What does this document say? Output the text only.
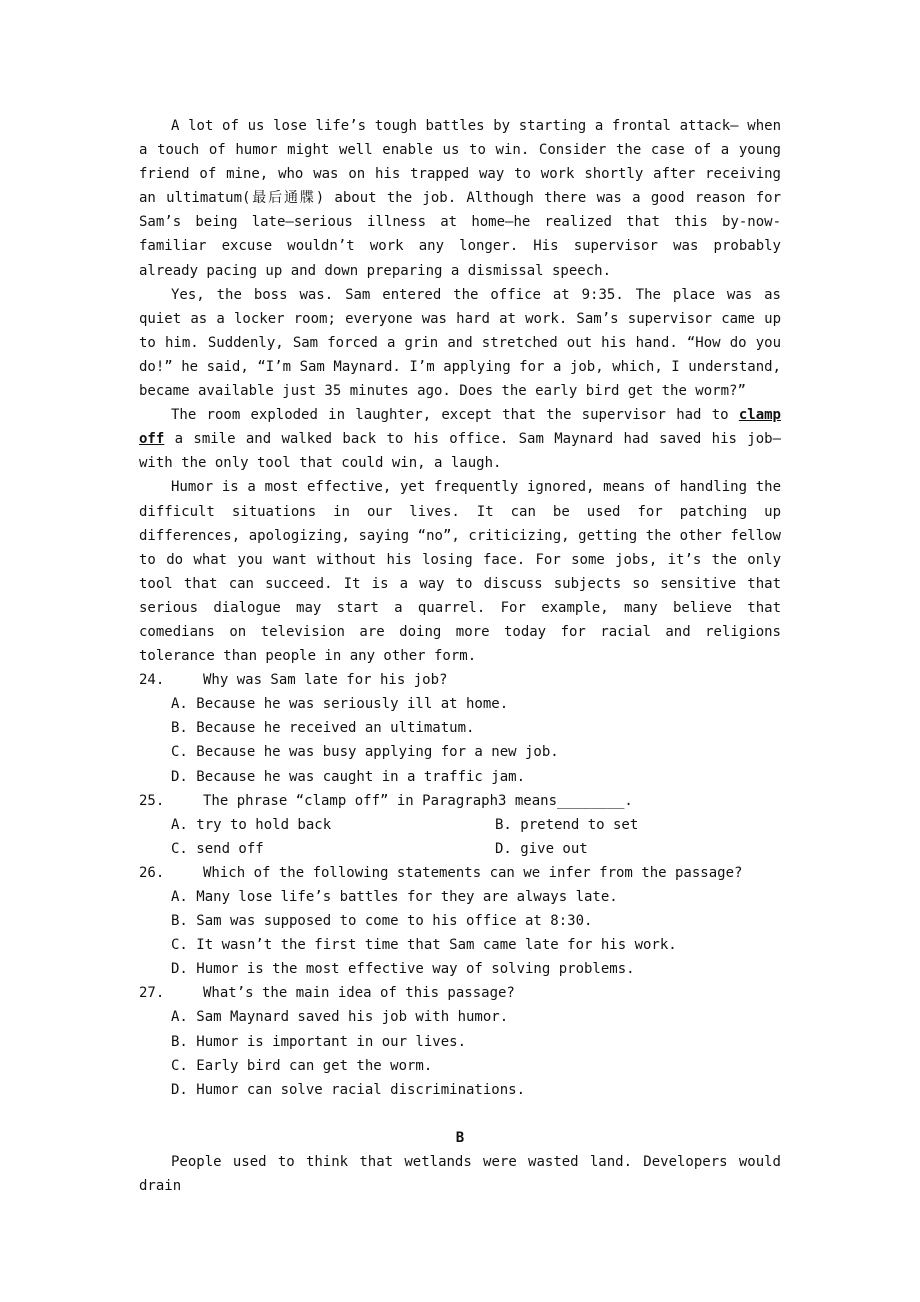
A lot of us lose life’s tough battles by starting a frontal attack— when a touch of humor might well enable us to win. Consider the case of a young friend of mine, who was on his trapped way to work shortly after receiving an ultimatum(最后通牒) about the job. Although there was a good reason for Sam’s being late—serious illness at home—he realized that this by-now-familiar excuse wouldn’t work any longer. His supervisor was probably already pacing up and down preparing a dismissal speech.

Yes, the boss was. Sam entered the office at 9:35. The place was as quiet as a locker room; everyone was hard at work. Sam’s supervisor came up to him. Suddenly, Sam forced a grin and stretched out his hand. “How do you do!” he said, “I’m Sam Maynard. I’m applying for a job, which, I understand, became available just 35 minutes ago. Does the early bird get the worm?”

The room exploded in laughter, except that the supervisor had to clamp off a smile and walked back to his office. Sam Maynard had saved his job— with the only tool that could win, a laugh.

Humor is a most effective, yet frequently ignored, means of handling the difficult situations in our lives. It can be used for patching up differences, apologizing, saying “no”, criticizing, getting the other fellow to do what you want without his losing face. For some jobs, it’s the only tool that can succeed. It is a way to discuss subjects so sensitive that serious dialogue may start a quarrel. For example, many believe that comedians on television are doing more today for racial and religions tolerance than people in any other form.

24.	Why was Sam late for his job?
A. Because he was seriously ill at home.
B. Because he received an ultimatum.
C. Because he was busy applying for a new job.
D. Because he was caught in a traffic jam.
25.	The phrase “clamp off” in Paragraph3 means________.
A. try to hold back	B. pretend to set
C. send off	D. give out
26.	Which of the following statements can we infer from the passage?
A. Many lose life’s battles for they are always late.
B. Sam was supposed to come to his office at 8:30.
C. It wasn’t the first time that Sam came late for his work.
D. Humor is the most effective way of solving problems.
27.	What’s the main idea of this passage?
A. Sam Maynard saved his job with humor.
B. Humor is important in our lives.
C. Early bird can get the worm.
D. Humor can solve racial discriminations.
B

People used to think that wetlands were wasted land. Developers would drain
